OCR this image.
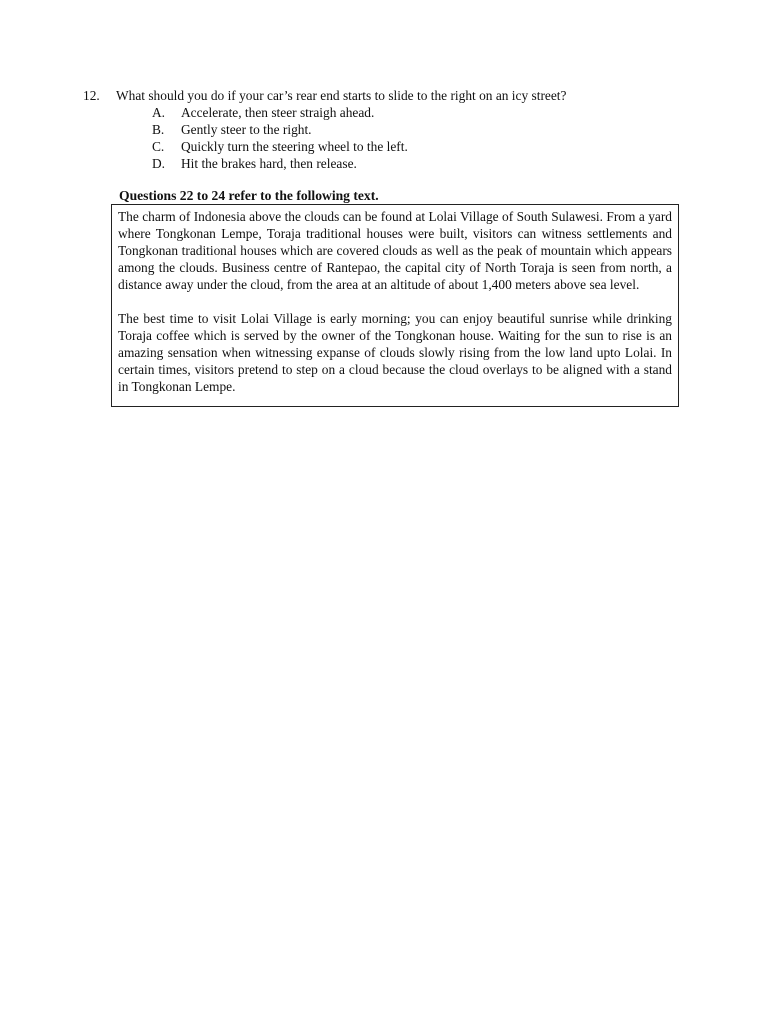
12. What should you do if your car’s rear end starts to slide to the right on an icy street?
A. Accelerate, then steer straigh ahead.
B. Gently steer to the right.
C. Quickly turn the steering wheel to the left.
D. Hit the brakes hard, then release.
Questions 22 to 24 refer to the following text.

The charm of Indonesia above the clouds can be found at Lolai Village of South Sulawesi. From a yard where Tongkonan Lempe, Toraja traditional houses were built, visitors can witness settlements and Tongkonan traditional houses which are covered clouds as well as the peak of mountain which appears among the clouds. Business centre of Rantepao, the capital city of North Toraja is seen from north, a distance away under the cloud, from the area at an altitude of about 1,400 meters above sea level.

The best time to visit Lolai Village is early morning; you can enjoy beautiful sunrise while drinking Toraja coffee which is served by the owner of the Tongkonan house. Waiting for the sun to rise is an amazing sensation when witnessing expanse of clouds slowly rising from the low land upto Lolai. In certain times, visitors pretend to step on a cloud because the cloud overlays to be aligned with a stand in Tongkonan Lempe.
